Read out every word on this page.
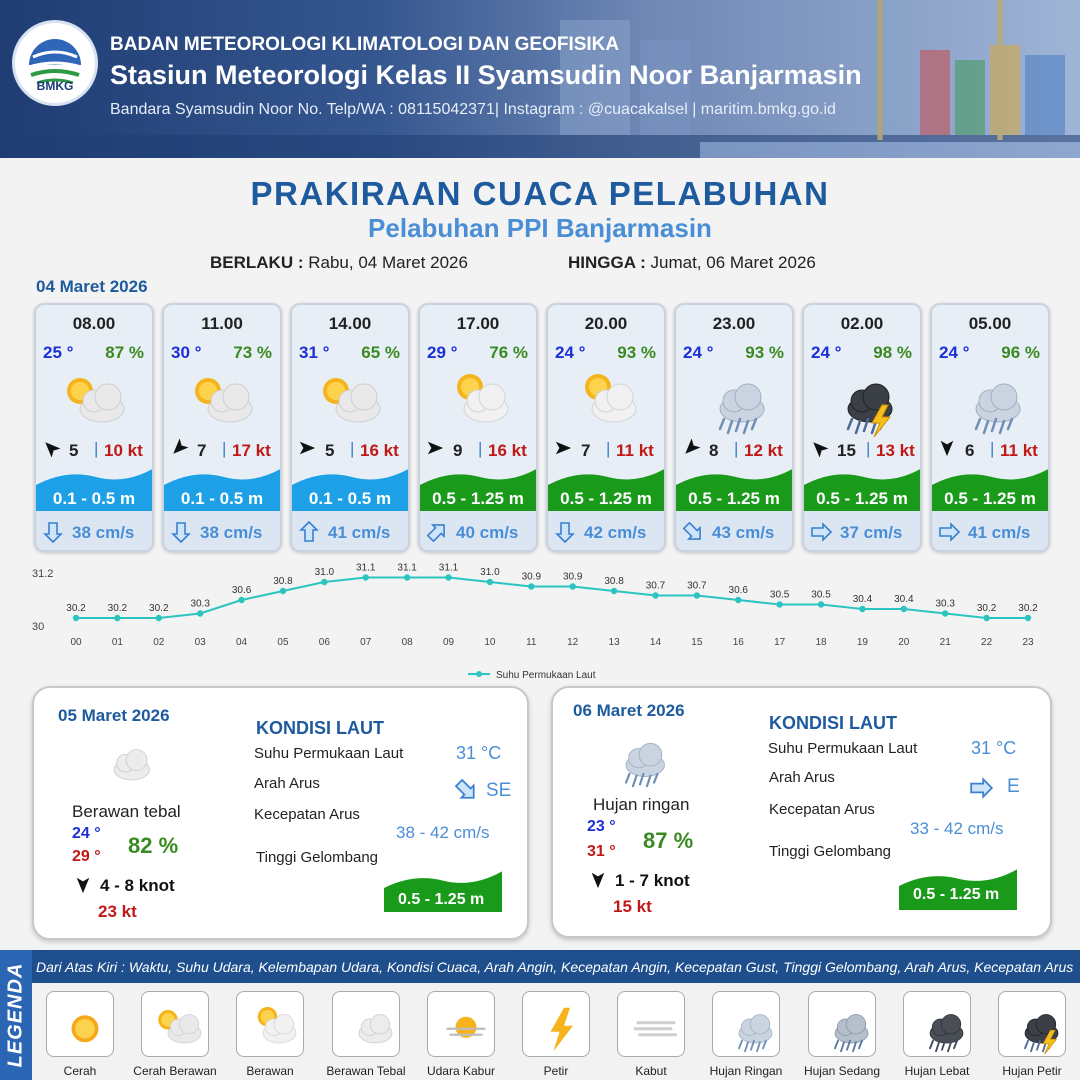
BMKG
BADAN METEOROLOGI KLIMATOLOGI DAN GEOFISIKA
Stasiun Meteorologi Kelas II Syamsudin Noor Banjarmasin
Bandara Syamsudin Noor No. Telp/WA : 08115042371| Instagram : @cuacakalsel | maritim.bmkg.go.id
PRAKIRAAN CUACA PELABUHAN
Pelabuhan PPI Banjarmasin
BERLAKU : Rabu, 04 Maret 2026	HINGGA : Jumat, 06 Maret 2026
04 Maret 2026
08.00
25 ° 87 %
5 | 10 kt
0.1 - 0.5 m
38 cm/s
11.00
30 ° 73 %
7 | 17 kt
0.1 - 0.5 m
38 cm/s
14.00
31 ° 65 %
5 | 16 kt
0.1 - 0.5 m
41 cm/s
17.00
29 ° 76 %
9 | 16 kt
0.5 - 1.25 m
40 cm/s
20.00
24 ° 93 %
7 | 11 kt
0.5 - 1.25 m
42 cm/s
23.00
24 ° 93 %
8 | 12 kt
0.5 - 1.25 m
43 cm/s
02.00
24 ° 98 %
15 | 13 kt
0.5 - 1.25 m
37 cm/s
05.00
24 ° 96 %
6 | 11 kt
0.5 - 1.25 m
41 cm/s
31.2
30
30.2
00
30.2
01
30.2
02
30.3
03
30.6
04
30.8
05
31.0
06
31.1
07
31.1
08
31.1
09
31.0
10
30.9
11
30.9
12
30.8
13
30.7
14
30.7
15
30.6
16
30.5
17
30.5
18
30.4
19
30.4
20
30.3
21
30.2
22
30.2
23
Suhu Permukaan Laut
05 Maret 2026
Berawan tebal
24 °
29 ° 82 %
4 - 8 knot
23 kt
KONDISI LAUT
Suhu Permukaan Laut	31 °C
Arah Arus	SE
Kecepatan Arus
38 - 42 cm/s
Tinggi Gelombang
0.5 - 1.25 m
06 Maret 2026
Hujan ringan
23 °
31 ° 87 %
1 - 7 knot
15 kt
KONDISI LAUT
Suhu Permukaan Laut	31 °C
Arah Arus	E
Kecepatan Arus
33 - 42 cm/s
Tinggi Gelombang
0.5 - 1.25 m
LEGENDA Dari Atas Kiri : Waktu, Suhu Udara, Kelembapan Udara, Kondisi Cuaca, Arah Angin, Kecepatan Angin, Kecepatan Gust, Tinggi Gelombang, Arah Arus, Kecepatan Arus
Cerah	Cerah Berawan	Berawan	Berawan Tebal	Udara Kabur	Petir	Kabut	Hujan Ringan	Hujan Sedang	Hujan Lebat	Hujan Petir
